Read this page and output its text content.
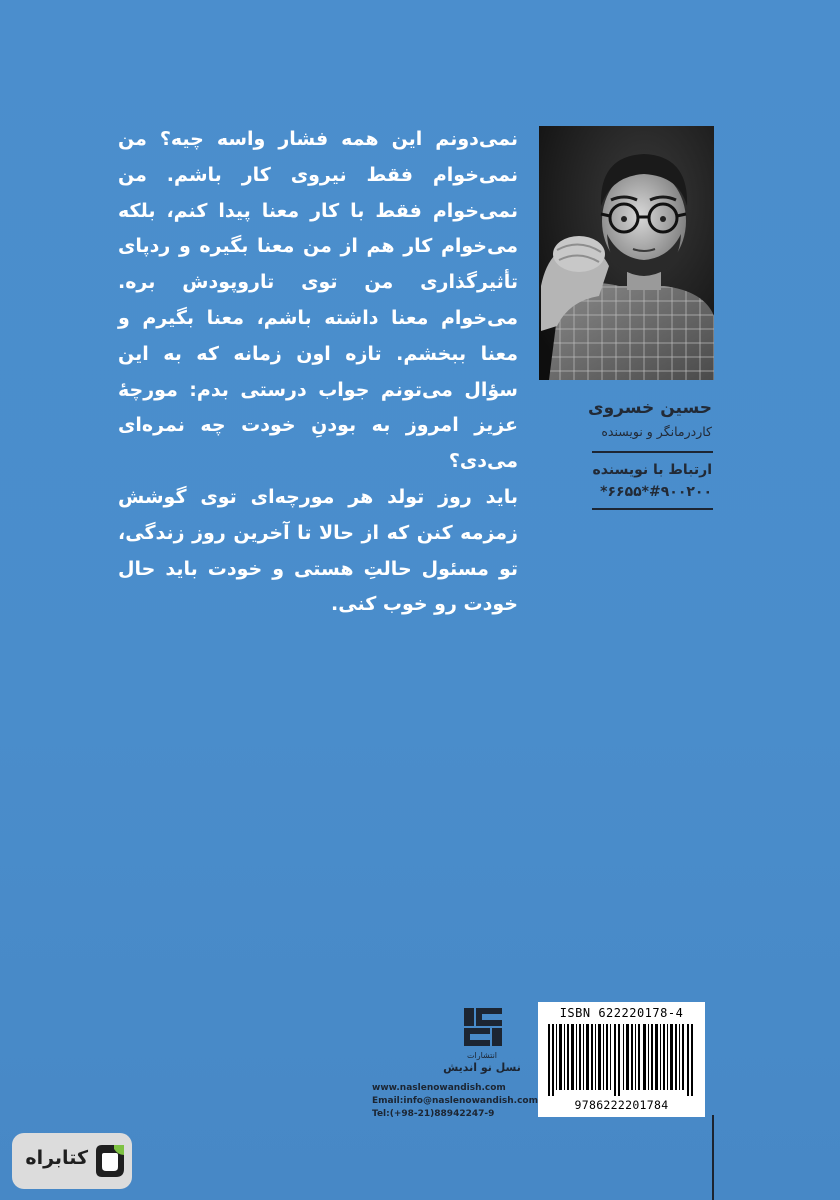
نمی‌دونم این همه فشار واسه چیه؟ من نمی‌خوام فقط نیروی کار باشم. من نمی‌خوام فقط با کار معنا پیدا کنم، بلکه می‌خوام کار هم از من معنا بگیره و ردپای تأثیرگذاری من توی تاروپودش بره. می‌خوام معنا داشته باشم، معنا بگیرم و معنا ببخشم. تازه اون زمانه که به این سؤال می‌تونم جواب درستی بدم: مورچهٔ عزیز امروز به بودنِ خودت چه نمره‌ای می‌دی؟

باید روز تولد هر مورچه‌ای توی گوشش زمزمه کنن که از حالا تا آخرین روز زندگی، تو مسئول حالتِ هستی و خودت باید حال خودت رو خوب کنی.

حسین خسروی
کاردرمانگر و نویسنده
ارتباط با نویسنده
#۹۰۰۲۰۰*۶۶۵۵*
انتشارات
نسل نو اندیش
www.naslenowandish.com
Email:info@naslenowandish.com
Tel:(+98-21)88942247-9
ISBN 622220178-4
9786222201784
کتابراه
